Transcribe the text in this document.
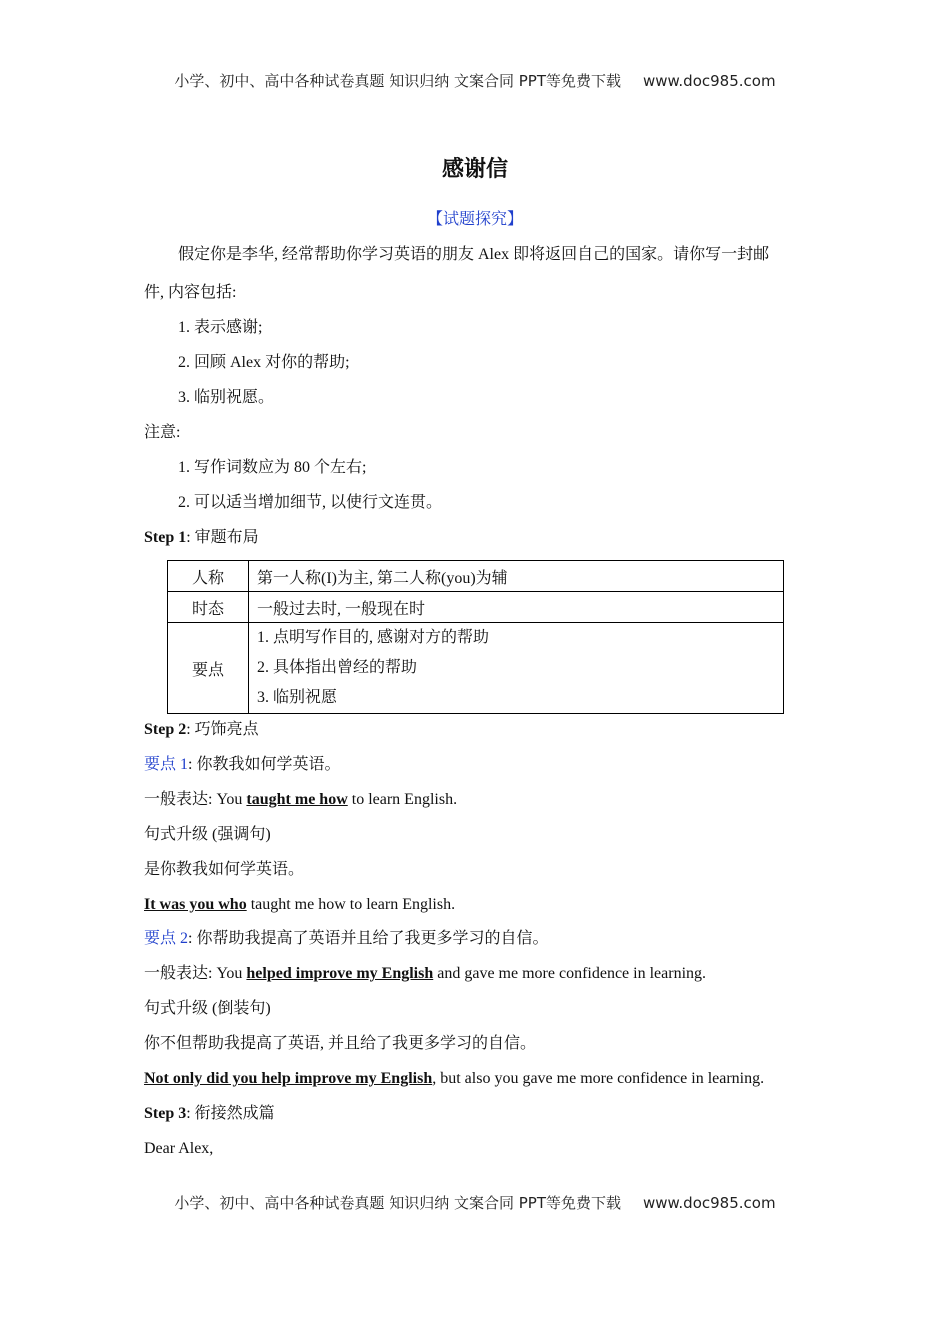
小学、初中、高中各种试卷真题 知识归纳 文案合同 PPT等免费下载 www.doc985.com
感谢信
【试题探究】
假定你是李华, 经常帮助你学习英语的朋友 Alex 即将返回自己的国家。请你写一封邮
件, 内容包括:
1. 表示感谢;
2. 回顾 Alex 对你的帮助;
3. 临别祝愿。
注意:
1. 写作词数应为 80 个左右;
2. 可以适当增加细节, 以使行文连贯。
Step 1: 审题布局
人称	第一人称(I)为主, 第二人称(you)为辅
时态	一般过去时, 一般现在时
要点	1. 点明写作目的, 感谢对方的帮助
2. 具体指出曾经的帮助
3. 临别祝愿
Step 2: 巧饰亮点
要点 1: 你教我如何学英语。
一般表达: You taught me how to learn English.
句式升级 (强调句)
是你教我如何学英语。
It was you who taught me how to learn English.
要点 2: 你帮助我提高了英语并且给了我更多学习的自信。
一般表达: You helped improve my English and gave me more confidence in learning.
句式升级 (倒装句)
你不但帮助我提高了英语, 并且给了我更多学习的自信。
Not only did you help improve my English, but also you gave me more confidence in learning.
Step 3: 衔接然成篇
Dear Alex,
小学、初中、高中各种试卷真题 知识归纳 文案合同 PPT等免费下载 www.doc985.com
